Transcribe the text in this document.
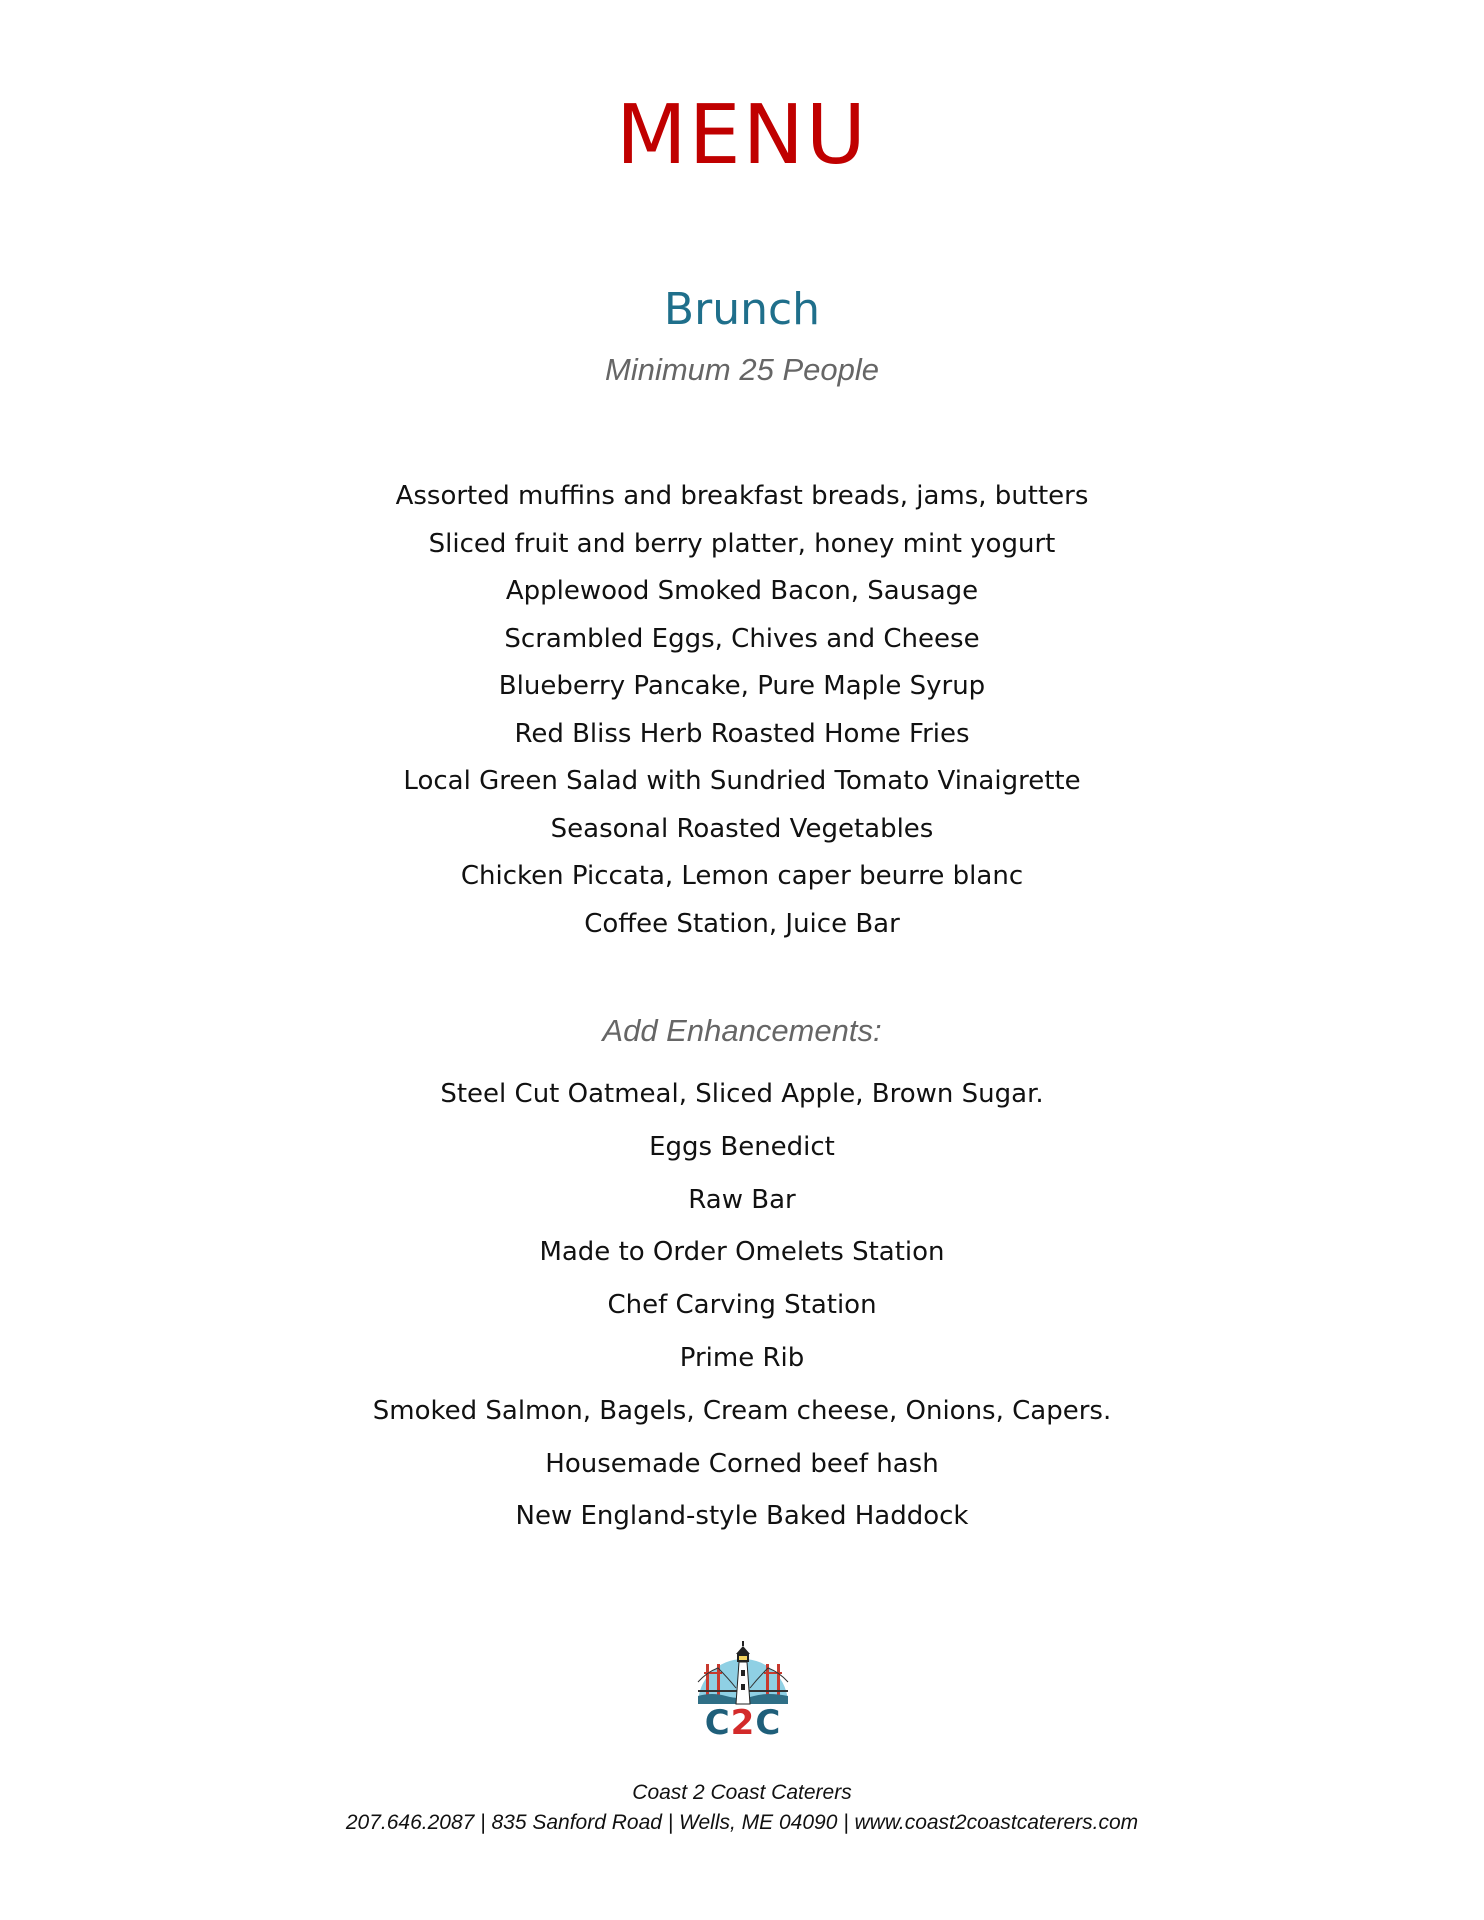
MENU
Brunch

Minimum 25 People

Assorted muffins and breakfast breads, jams, butters
Sliced fruit and berry platter, honey mint yogurt
Applewood Smoked Bacon, Sausage
Scrambled Eggs, Chives and Cheese
Blueberry Pancake, Pure Maple Syrup
Red Bliss Herb Roasted Home Fries
Local Green Salad with Sundried Tomato Vinaigrette
Seasonal Roasted Vegetables
Chicken Piccata, Lemon caper beurre blanc
Coffee Station, Juice Bar

Add Enhancements:

Steel Cut Oatmeal, Sliced Apple, Brown Sugar.
Eggs Benedict
Raw Bar
Made to Order Omelets Station
Chef Carving Station
Prime Rib
Smoked Salmon, Bagels, Cream cheese, Onions, Capers.
Housemade Corned beef hash
New England-style Baked Haddock
C2C

Coast 2 Coast Caterers

207.646.2087 | 835 Sanford Road | Wells, ME 04090 | www.coast2coastcaterers.com
